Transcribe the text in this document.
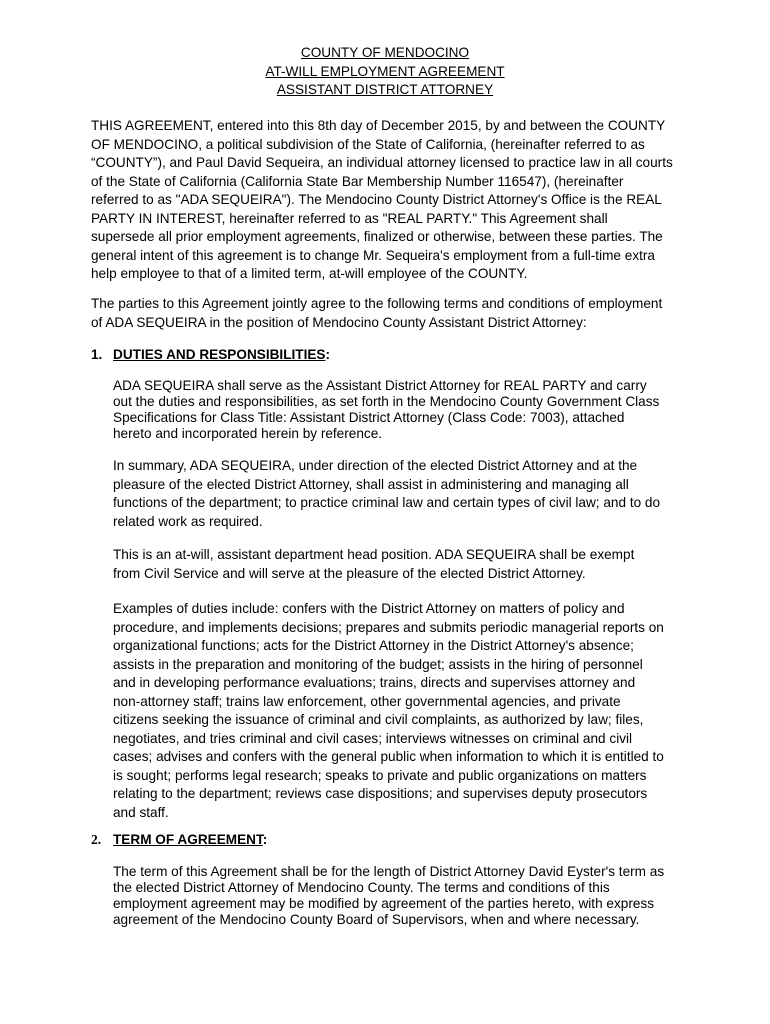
COUNTY OF MENDOCINO
AT-WILL EMPLOYMENT AGREEMENT
ASSISTANT DISTRICT ATTORNEY
THIS AGREEMENT, entered into this 8th day of December 2015, by and between the COUNTY
OF MENDOCINO, a political subdivision of the State of California, (hereinafter referred to as
“COUNTY”), and Paul David Sequeira, an individual attorney licensed to practice law in all courts
of the State of California (California State Bar Membership Number 116547), (hereinafter
referred to as "ADA SEQUEIRA"). The Mendocino County District Attorney's Office is the REAL
PARTY IN INTEREST, hereinafter referred to as "REAL PARTY." This Agreement shall
supersede all prior employment agreements, finalized or otherwise, between these parties. The
general intent of this agreement is to change Mr. Sequeira's employment from a full-time extra
help employee to that of a limited term, at-will employee of the COUNTY.
The parties to this Agreement jointly agree to the following terms and conditions of employment
of ADA SEQUEIRA in the position of Mendocino County Assistant District Attorney:
1. DUTIES AND RESPONSIBILITIES:
ADA SEQUEIRA shall serve as the Assistant District Attorney for REAL PARTY and carry
out the duties and responsibilities, as set forth in the Mendocino County Government Class
Specifications for Class Title: Assistant District Attorney (Class Code: 7003), attached
hereto and incorporated herein by reference.
In summary, ADA SEQUEIRA, under direction of the elected District Attorney and at the
pleasure of the elected District Attorney, shall assist in administering and managing all
functions of the department; to practice criminal law and certain types of civil law; and to do
related work as required.
This is an at-will, assistant department head position. ADA SEQUEIRA shall be exempt
from Civil Service and will serve at the pleasure of the elected District Attorney.
Examples of duties include: confers with the District Attorney on matters of policy and
procedure, and implements decisions; prepares and submits periodic managerial reports on
organizational functions; acts for the District Attorney in the District Attorney's absence;
assists in the preparation and monitoring of the budget; assists in the hiring of personnel
and in developing performance evaluations; trains, directs and supervises attorney and
non-attorney staff; trains law enforcement, other governmental agencies, and private
citizens seeking the issuance of criminal and civil complaints, as authorized by law; files,
negotiates, and tries criminal and civil cases; interviews witnesses on criminal and civil
cases; advises and confers with the general public when information to which it is entitled to
is sought; performs legal research; speaks to private and public organizations on matters
relating to the department; reviews case dispositions; and supervises deputy prosecutors
and staff.
2. TERM OF AGREEMENT:
The term of this Agreement shall be for the length of District Attorney David Eyster's term as
the elected District Attorney of Mendocino County. The terms and conditions of this
employment agreement may be modified by agreement of the parties hereto, with express
agreement of the Mendocino County Board of Supervisors, when and where necessary.
